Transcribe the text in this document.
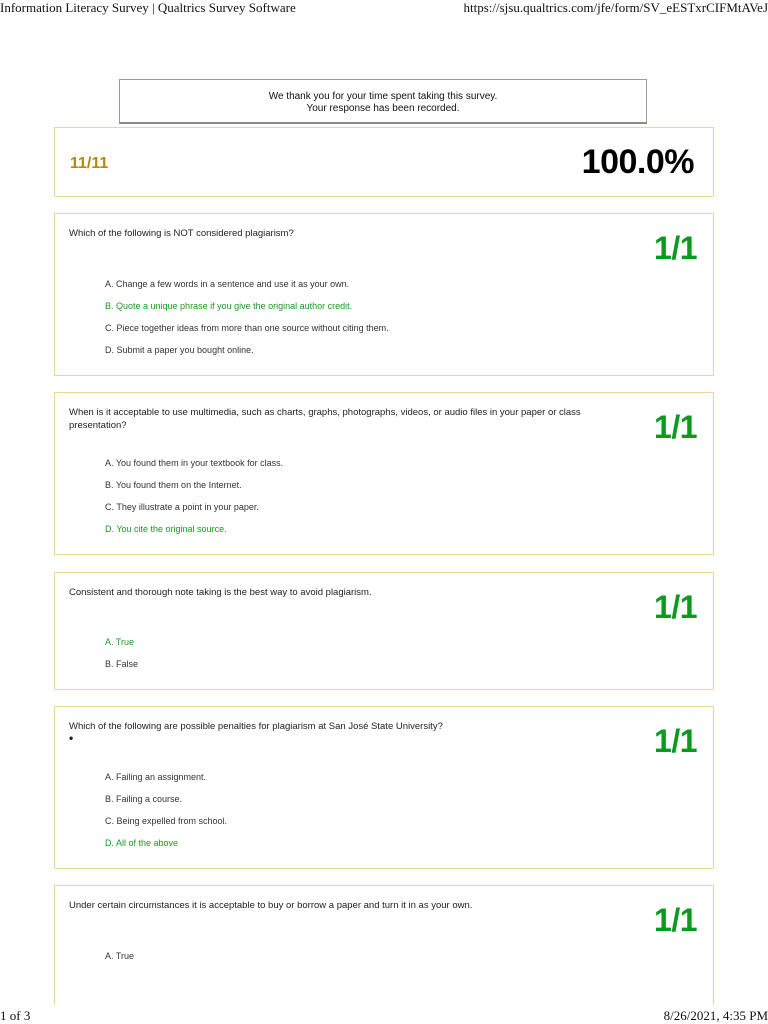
Information Literacy Survey | Qualtrics Survey Software	https://sjsu.qualtrics.com/jfe/form/SV_eESTxrCIFMtAVeJ
We thank you for your time spent taking this survey.
Your response has been recorded.
11/11	100.0%
Which of the following is NOT considered plagiarism?	1/1
A. Change a few words in a sentence and use it as your own.
B. Quote a unique phrase if you give the original author credit.
C. Piece together ideas from more than one source without citing them.
D. Submit a paper you bought online.
When is it acceptable to use multimedia, such as charts, graphs, photographs, videos, or audio files in your paper or class presentation?	1/1
A. You found them in your textbook for class.
B. You found them on the Internet.
C. They illustrate a point in your paper.
D. You cite the original source.
Consistent and thorough note taking is the best way to avoid plagiarism.	1/1
A. True
B. False
Which of the following are possible penalties for plagiarism at San José State University?
•	1/1
A. Failing an assignment.
B. Failing a course.
C. Being expelled from school.
D. All of the above
Under certain circumstances it is acceptable to buy or borrow a paper and turn it in as your own.	1/1
A. True
1 of 3	8/26/2021, 4:35 PM
